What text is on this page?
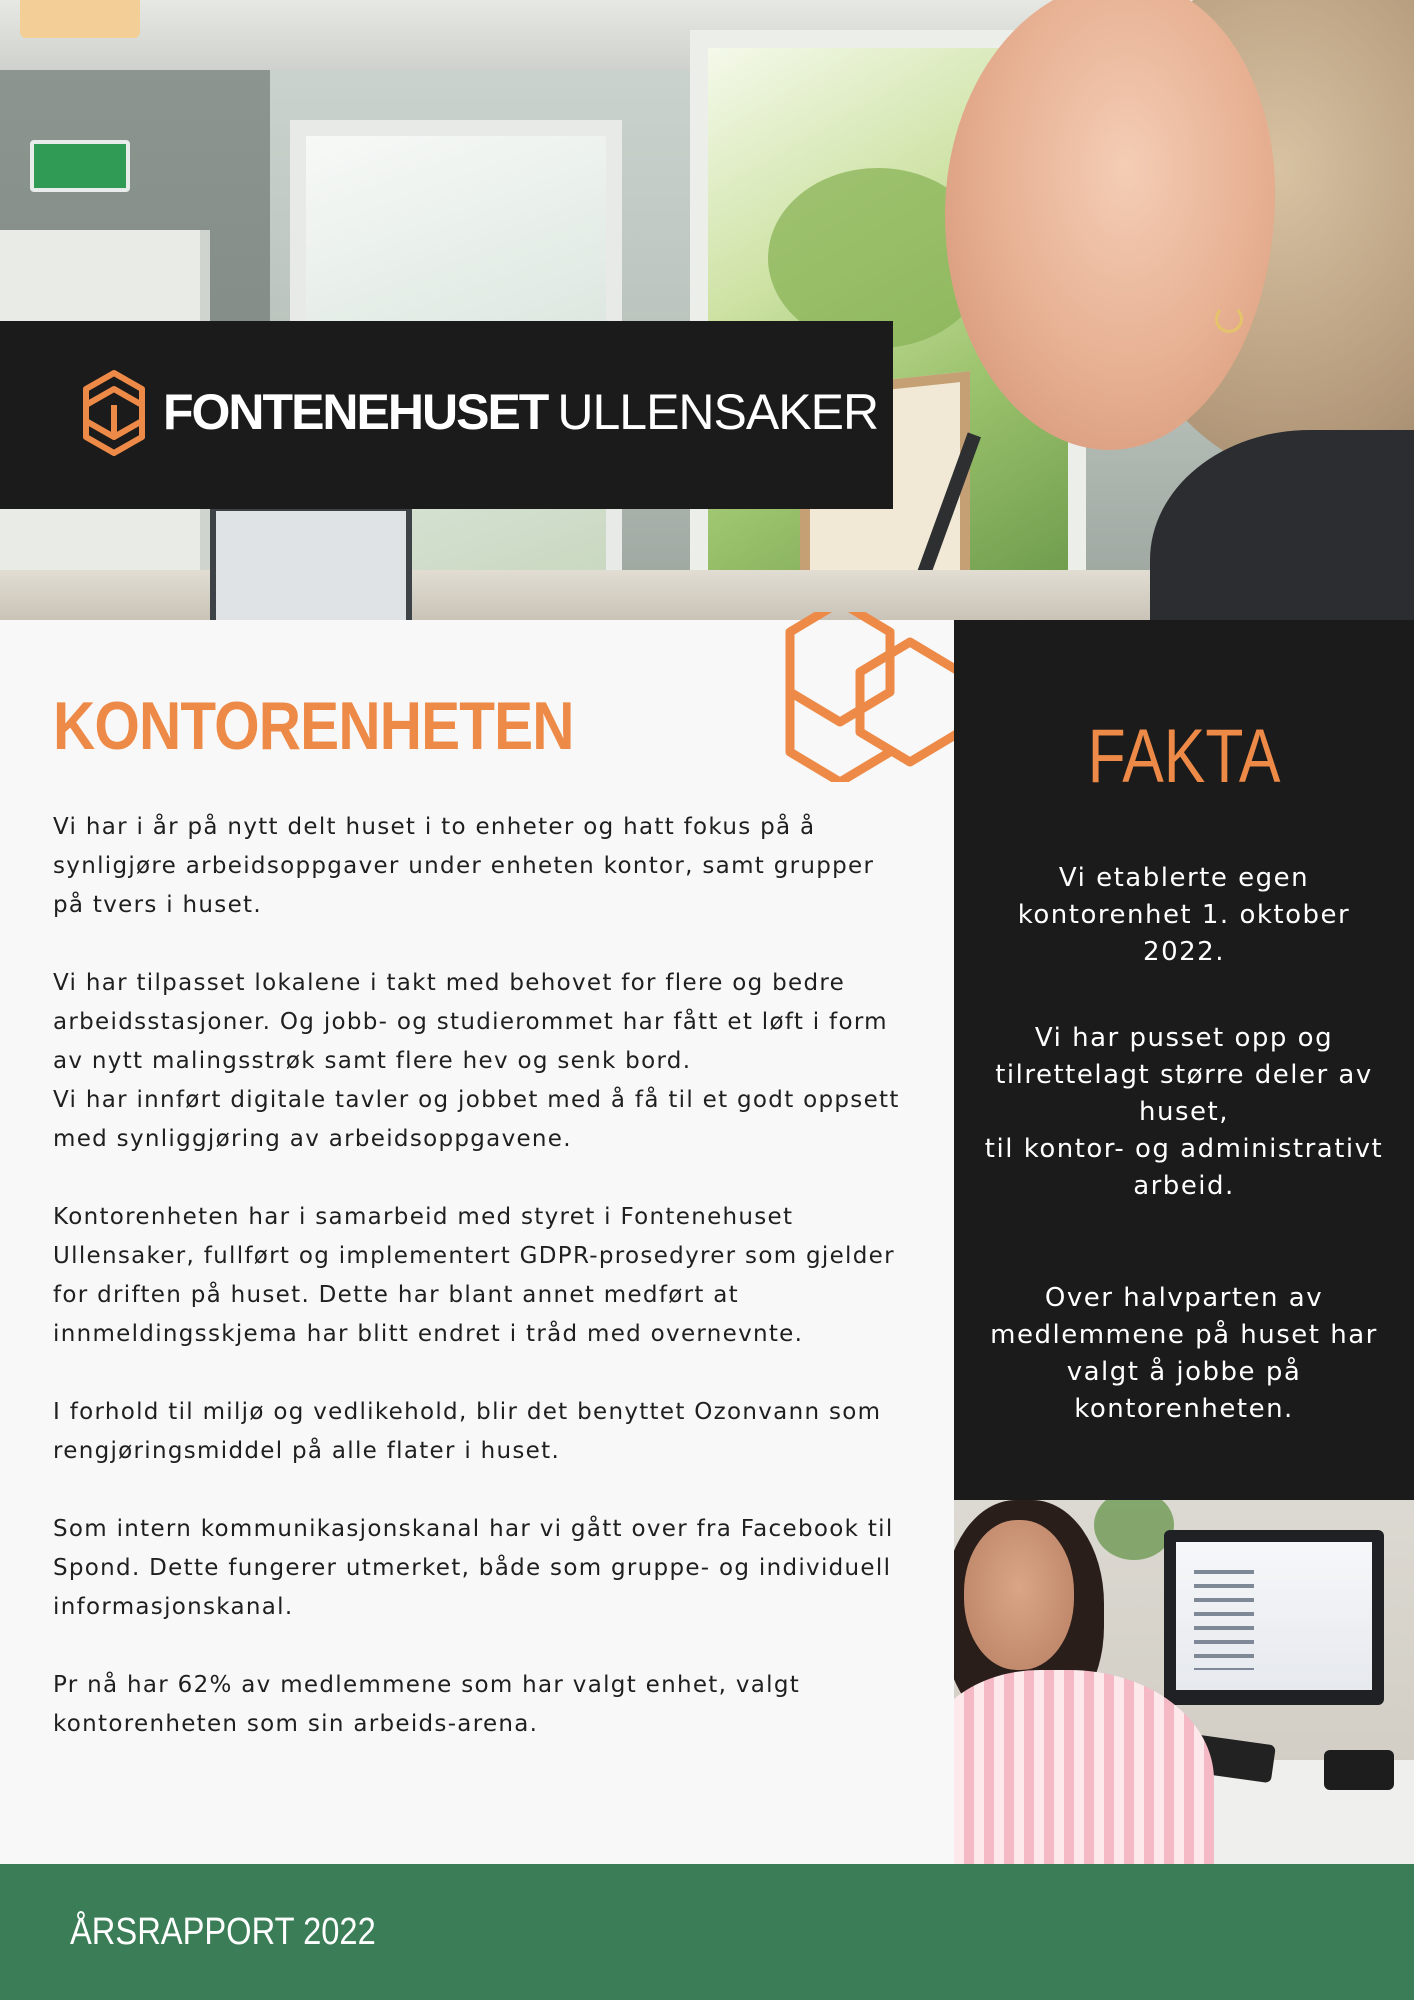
FONTENEHUSET ULLENSAKER
KONTORENHETEN

Vi har i år på nytt delt huset i to enheter og hatt fokus på å synligjøre arbeidsoppgaver under enheten kontor, samt grupper på tvers i huset.

Vi har tilpasset lokalene i takt med behovet for flere og bedre arbeidsstasjoner. Og jobb- og studierommet har fått et løft i form av nytt malingsstrøk samt flere hev og senk bord.

Vi har innført digitale tavler og jobbet med å få til et godt oppsett med synliggjøring av arbeidsoppgavene.

Kontorenheten har i samarbeid med styret i Fontenehuset Ullensaker, fullført og implementert GDPR-prosedyrer som gjelder for driften på huset. Dette har blant annet medført at innmeldingsskjema har blitt endret i tråd med overnevnte.

I forhold til miljø og vedlikehold, blir det benyttet Ozonvann som rengjøringsmiddel på alle flater i huset.

Som intern kommunikasjonskanal har vi gått over fra Facebook til Spond. Dette fungerer utmerket, både som gruppe- og individuell informasjonskanal.

Pr nå har 62% av medlemmene som har valgt enhet, valgt kontorenheten som sin arbeids-arena.

FAKTA

Vi etablerte egen kontorenhet 1. oktober 2022.

Vi har pusset opp og tilrettelagt større deler av huset,
til kontor- og administrativt arbeid.

Over halvparten av medlemmene på huset har valgt å jobbe på kontorenheten.

ÅRSRAPPORT 2022
